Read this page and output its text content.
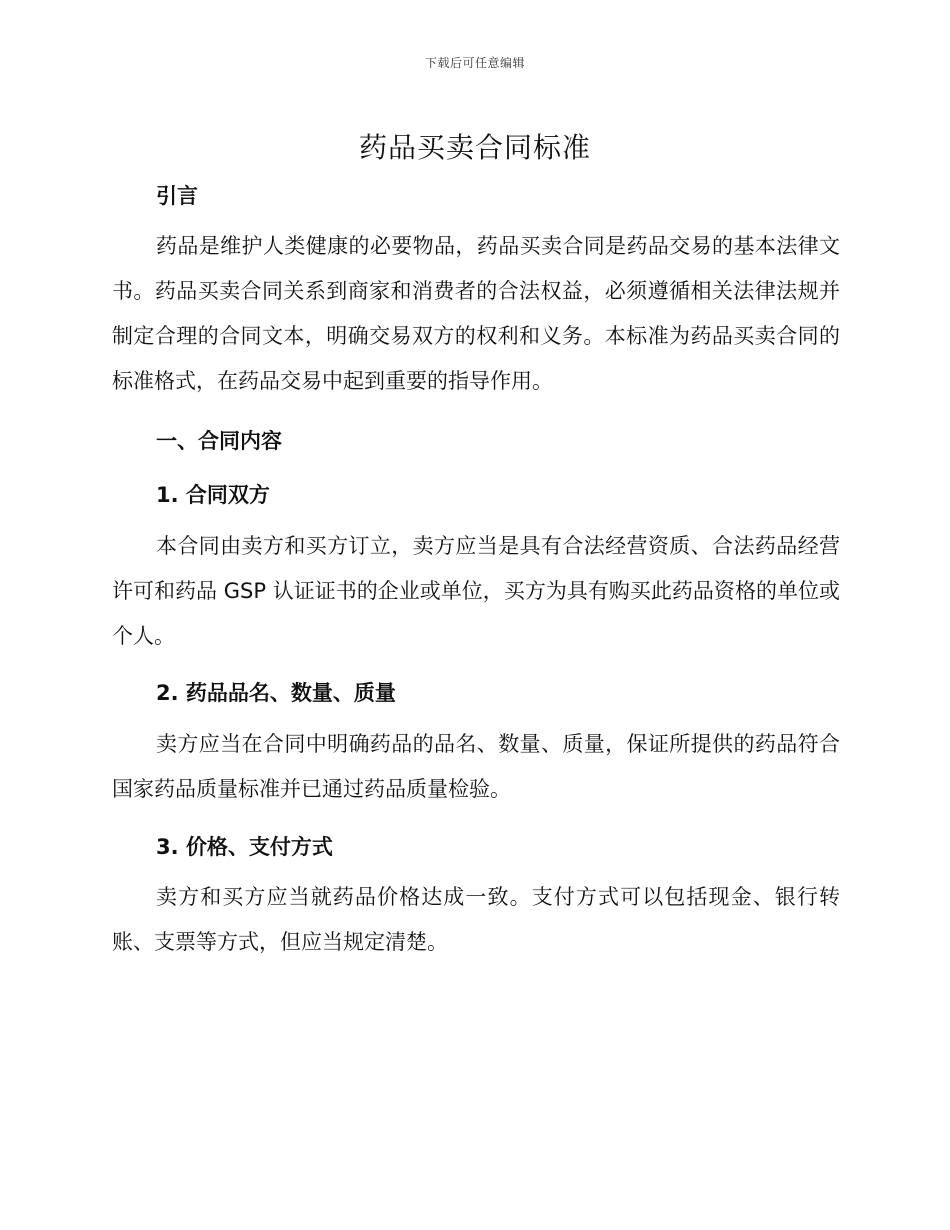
下载后可任意编辑
药品买卖合同标准
引言

药品是维护人类健康的必要物品，药品买卖合同是药品交易的基本法律文书。药品买卖合同关系到商家和消费者的合法权益，必须遵循相关法律法规并制定合理的合同文本，明确交易双方的权利和义务。本标准为药品买卖合同的标准格式，在药品交易中起到重要的指导作用。

一、合同内容
1. 合同双方

本合同由卖方和买方订立，卖方应当是具有合法经营资质、合法药品经营许可和药品 GSP 认证证书的企业或单位，买方为具有购买此药品资格的单位或个人。

2. 药品品名、数量、质量

卖方应当在合同中明确药品的品名、数量、质量，保证所提供的药品符合国家药品质量标准并已通过药品质量检验。

3. 价格、支付方式

卖方和买方应当就药品价格达成一致。支付方式可以包括现金、银行转账、支票等方式，但应当规定清楚。
